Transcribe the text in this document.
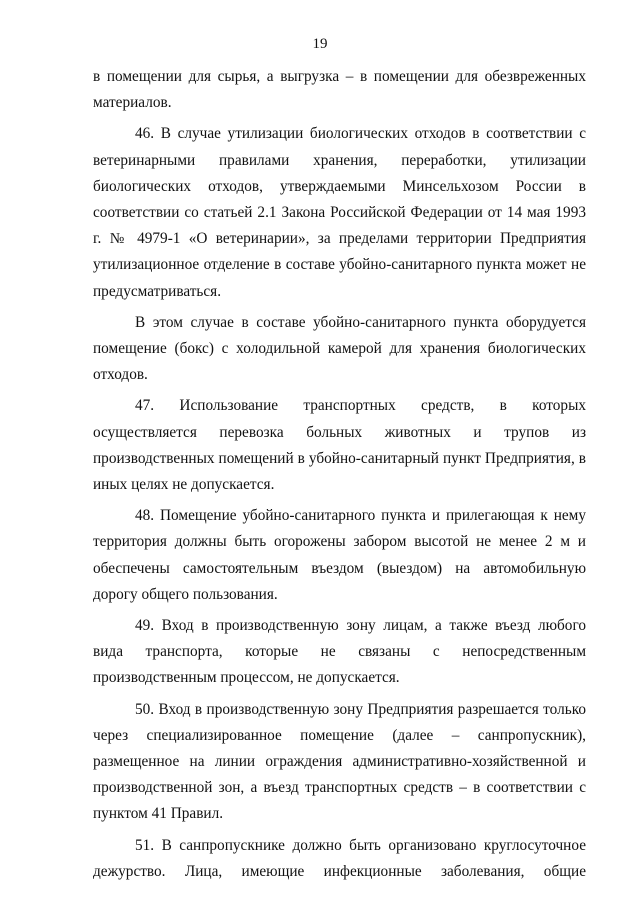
19

в помещении для сырья, а выгрузка – в помещении для обезвреженных материалов.

46. В случае утилизации биологических отходов в соответствии с ветеринарными правилами хранения, переработки, утилизации биологических отходов, утверждаемыми Минсельхозом России в соответствии со статьей 2.1 Закона Российской Федерации от 14 мая 1993 г. № 4979-1 «О ветеринарии», за пределами территории Предприятия утилизационное отделение в составе убойно-санитарного пункта может не предусматриваться.

В этом случае в составе убойно-санитарного пункта оборудуется помещение (бокс) с холодильной камерой для хранения биологических отходов.

47. Использование транспортных средств, в которых осуществляется перевозка больных животных и трупов из производственных помещений в убойно-санитарный пункт Предприятия, в иных целях не допускается.

48. Помещение убойно-санитарного пункта и прилегающая к нему территория должны быть огорожены забором высотой не менее 2 м и обеспечены самостоятельным въездом (выездом) на автомобильную дорогу общего пользования.

49. Вход в производственную зону лицам, а также въезд любого вида транспорта, которые не связаны с непосредственным производственным процессом, не допускается.

50. Вход в производственную зону Предприятия разрешается только через специализированное помещение (далее – санпропускник), размещенное на линии ограждения административно-хозяйственной и производственной зон, а въезд транспортных средств – в соответствии с пунктом 41 Правил.

51. В санпропускнике должно быть организовано круглосуточное дежурство. Лица, имеющие инфекционные заболевания, общие
